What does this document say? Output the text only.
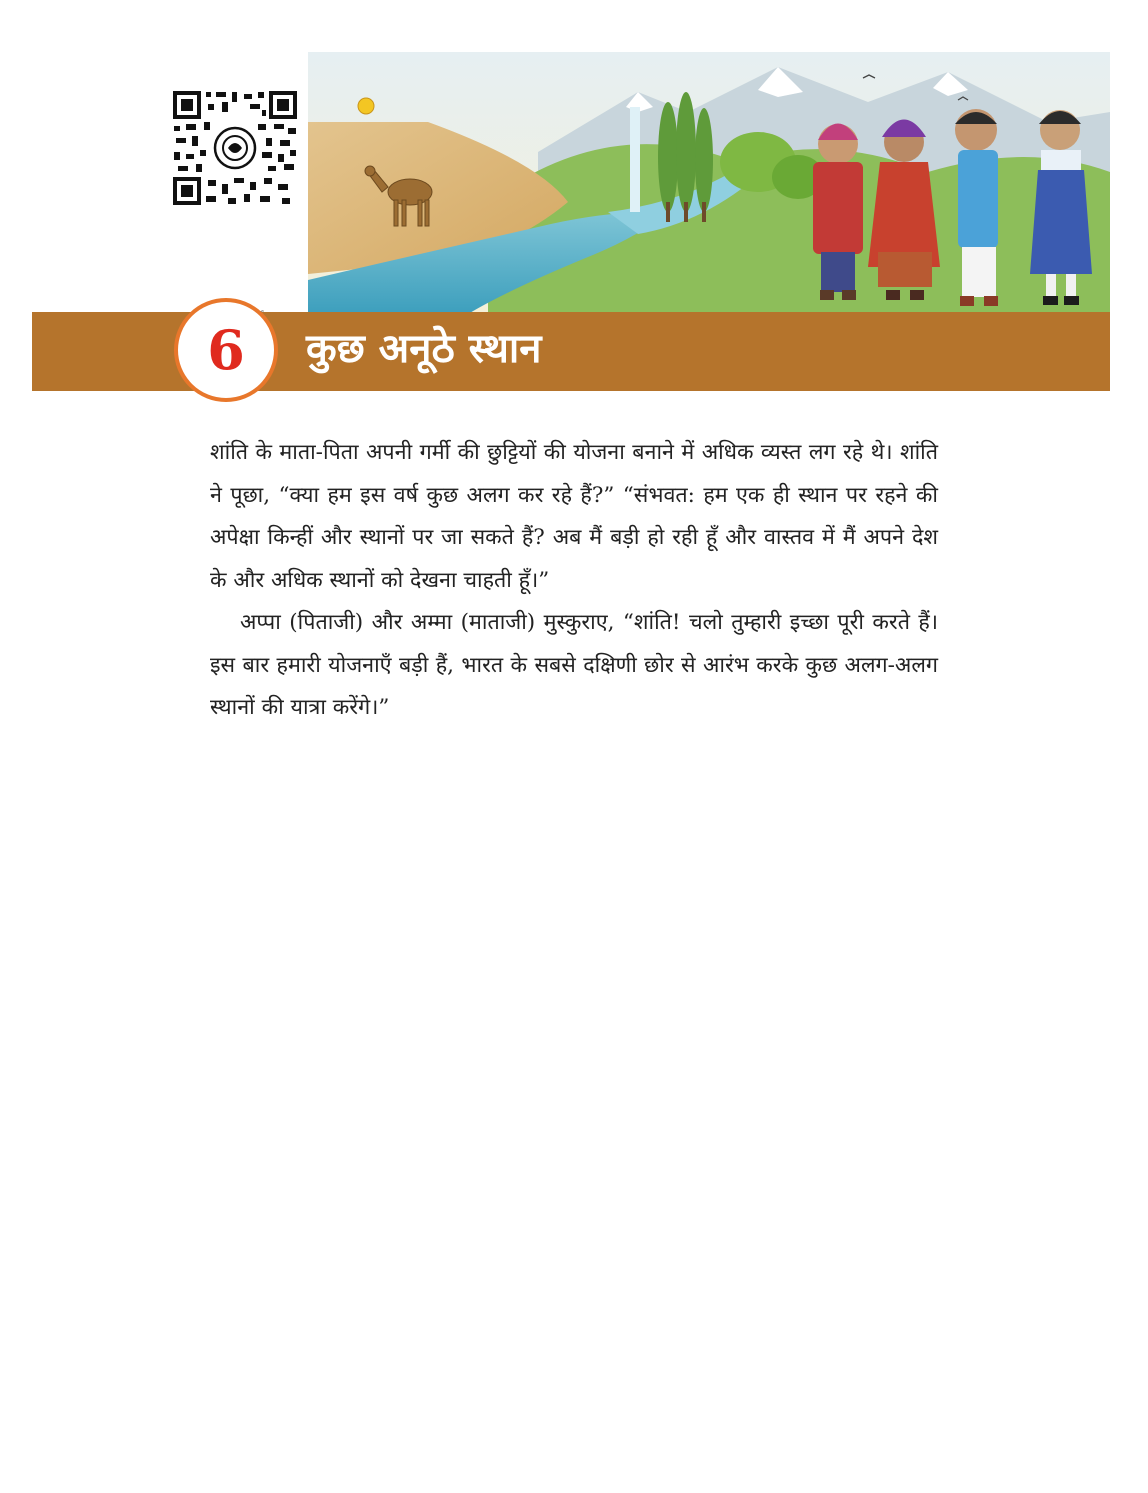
6 कुछ अनूठे स्थान

शांति के माता-पिता अपनी गर्मी की छुट्टियों की योजना बनाने में अधिक व्यस्त लग रहे थे। शांति ने पूछा, “क्या हम इस वर्ष कुछ अलग कर रहे हैं?” “संभवत: हम एक ही स्थान पर रहने की अपेक्षा किन्हीं और स्थानों पर जा सकते हैं? अब मैं बड़ी हो रही हूँ और वास्तव में मैं अपने देश के और अधिक स्थानों को देखना चाहती हूँ।”

अप्पा (पिताजी) और अम्मा (माताजी) मुस्कुराए, “शांति! चलो तुम्हारी इच्छा पूरी करते हैं। इस बार हमारी योजनाएँ बड़ी हैं, भारत के सबसे दक्षिणी छोर से आरंभ करके कुछ अलग-अलग स्थानों की यात्रा करेंगे।”
